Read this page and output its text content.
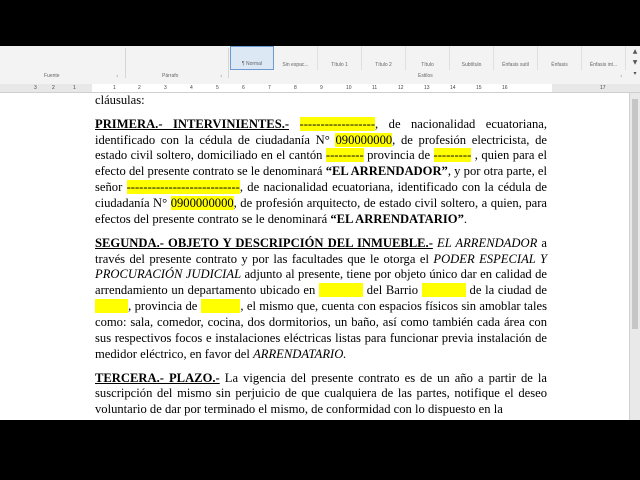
¶ Normal	Sin espac...	Título 1	Título 2	Título	Subtítulo	Énfasis sutil	Énfasis	Énfasis int...
▲
▼
▾
Fuente	Párrafo	Estilos
⌟	⌟	⌟
3	2	1	1	2	3	4	5	6	7	8	9	10	11	12	13	14	15	16	17

cláusulas:

PRIMERA.- INTERVINIENTES.- ------------------, de nacionalidad ecuatoriana, identificado con la cédula de ciudadanía N° 090000000, de profesión electricista, de estado civil soltero, domiciliado en el cantón --------- provincia de --------- , quien para el efecto del presente contrato se le denominará “EL ARRENDADOR”, y por otra parte, el señor ---------------------------, de nacionalidad ecuatoriana, identificado con la cédula de ciudadanía N° 0900000000, de profesión arquitecto, de estado civil soltero, a quien, para efectos del presente contrato se le denominará “EL ARRENDATARIO”.

SEGUNDA.- OBJETO Y DESCRIPCIÓN DEL INMUEBLE.- EL ARRENDADOR a través del presente contrato y por las facultades que le otorga el PODER ESPECIAL Y PROCURACIÓN JUDICIAL adjunto al presente, tiene por objeto único dar en calidad de arrendamiento un departamento ubicado en	del Barrio	de la ciudad de           , provincia de	, el mismo que, cuenta con espacios físicos sin amoblar tales como: sala, comedor, cocina, dos dormitorios, un baño, así como también cada área con sus respectivos focos e instalaciones eléctricas listas para funcionar previa instalación de medidor eléctrico, en favor del ARRENDATARIO.

TERCERA.- PLAZO.- La vigencia del presente contrato es de un año a partir de la suscripción del mismo sin perjuicio de que cualquiera de las partes, notifique el deseo voluntario de dar por terminado el mismo, de conformidad con lo dispuesto en la
